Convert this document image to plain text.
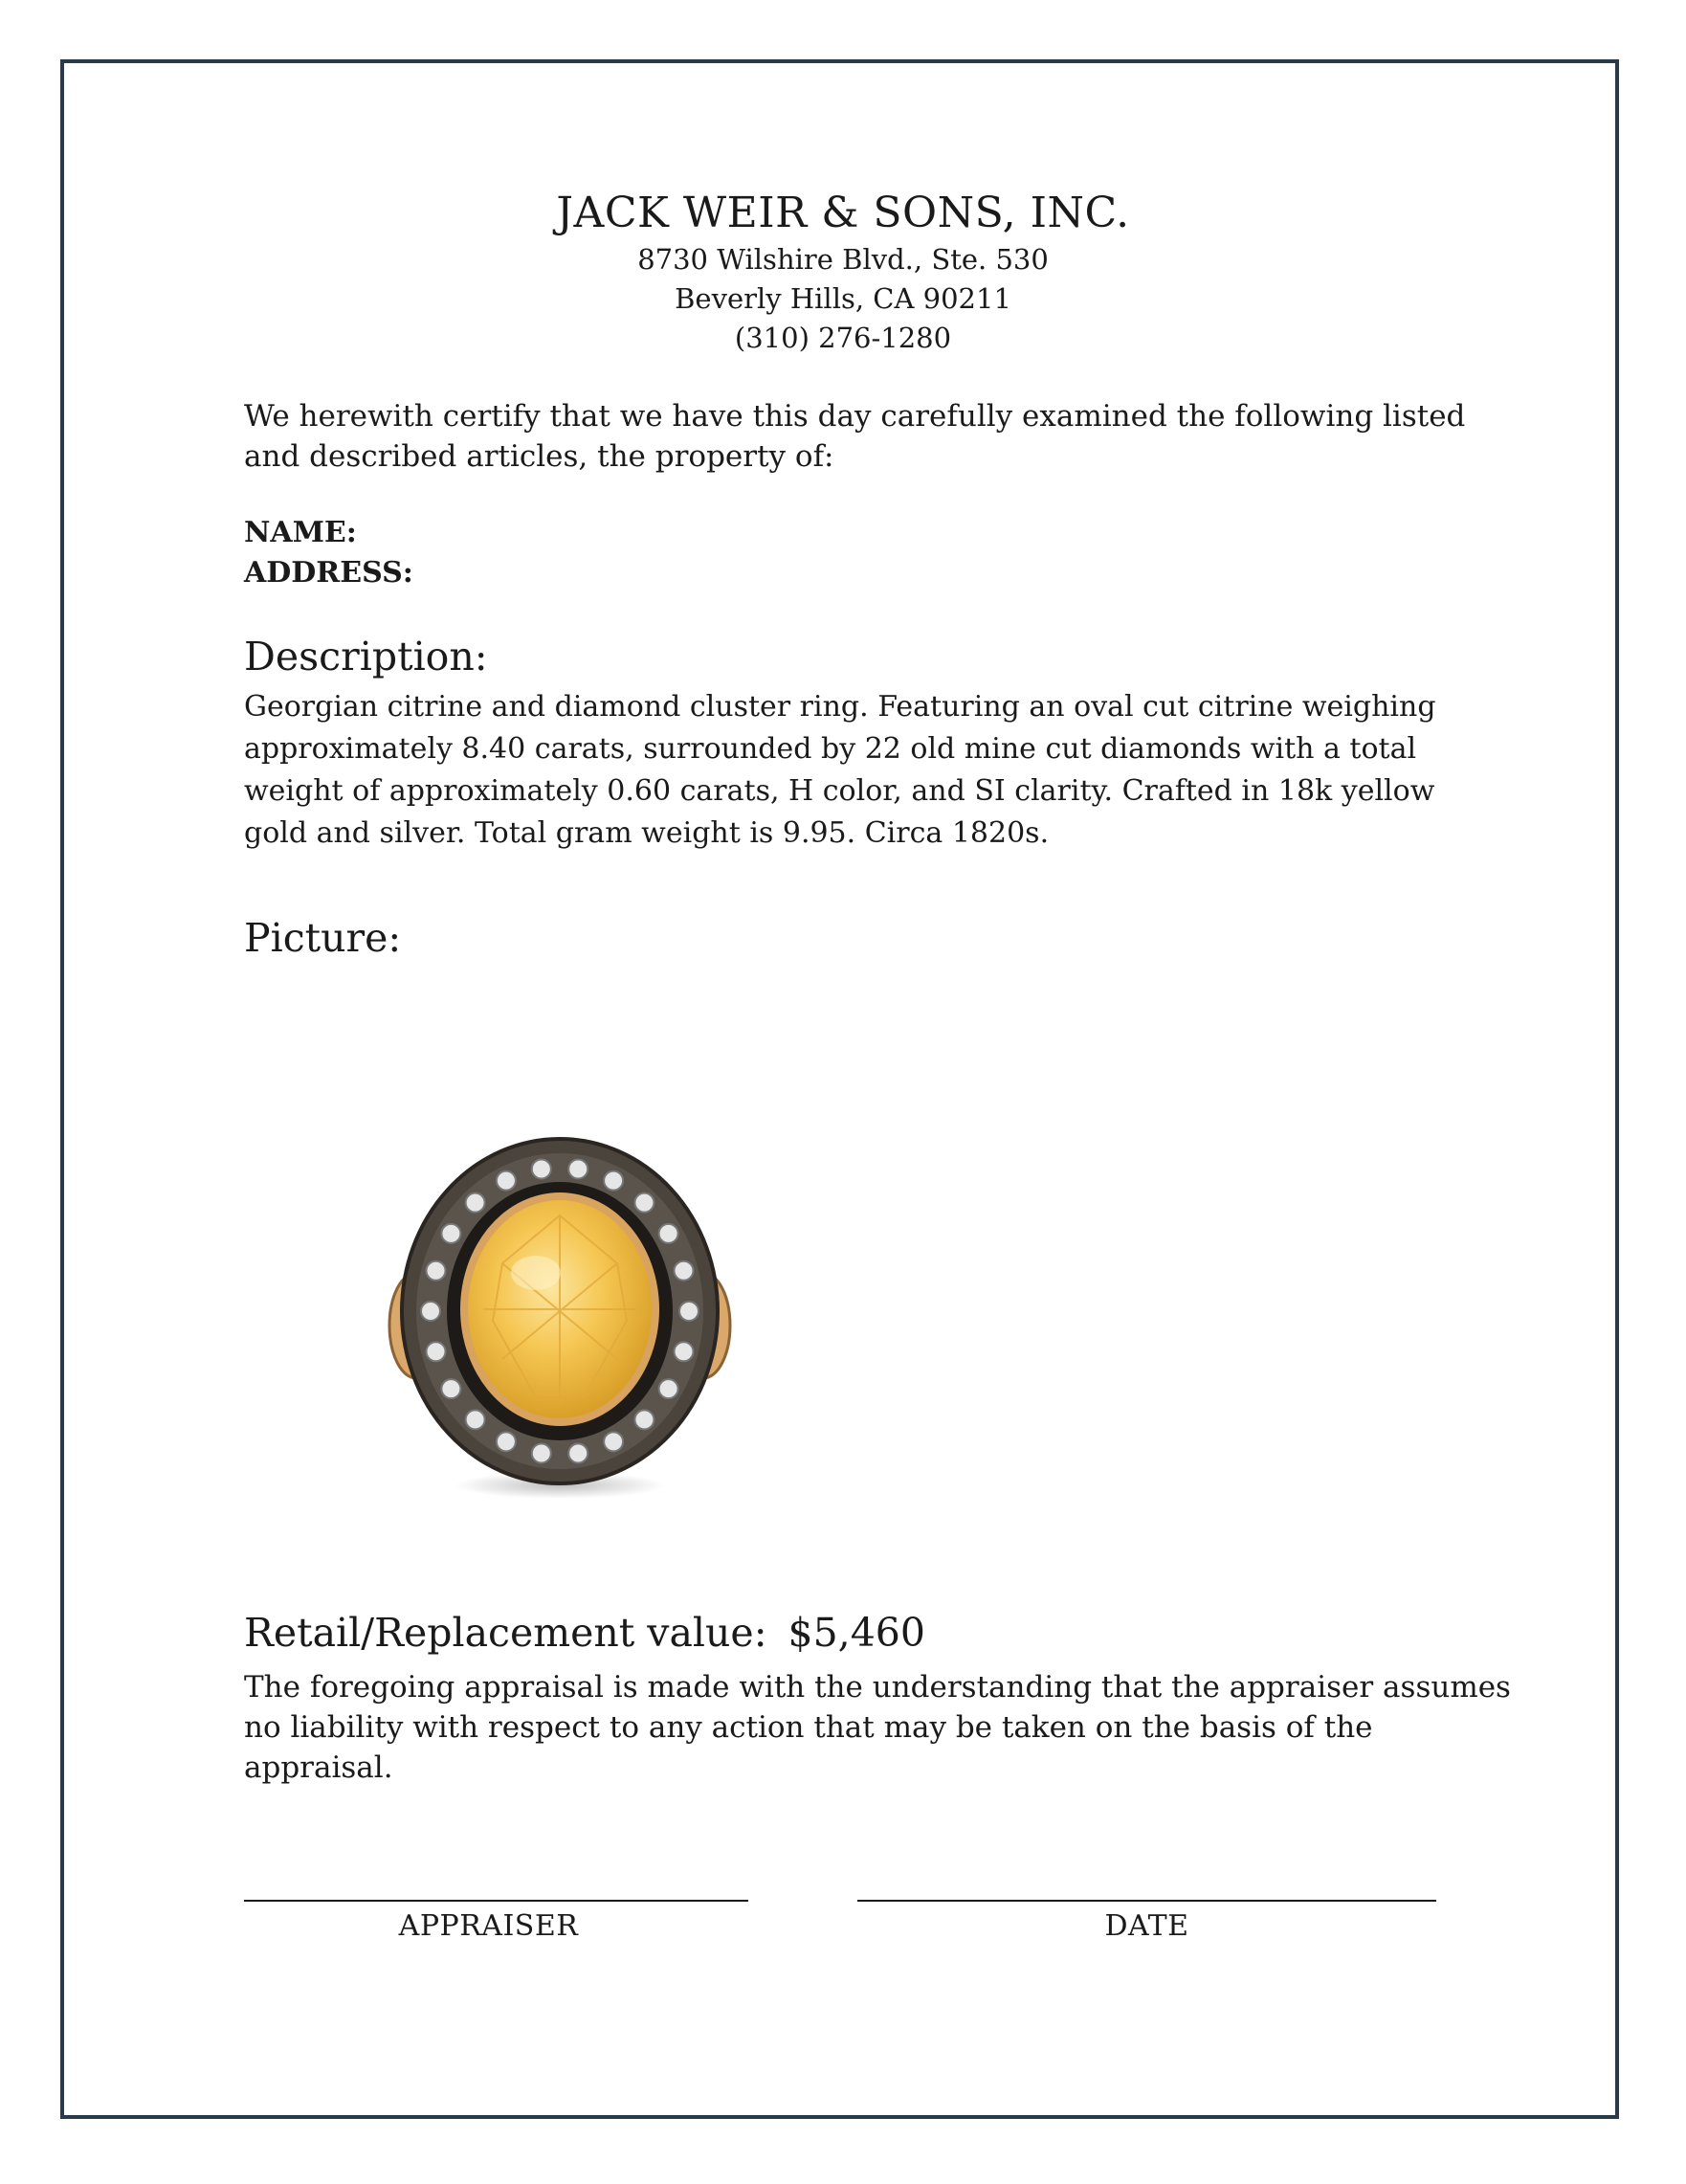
JACK WEIR & SONS, INC.
8730 Wilshire Blvd., Ste. 530
Beverly Hills, CA 90211
(310) 276-1280
We herewith certify that we have this day carefully examined the following listed and described articles, the property of:
NAME:
ADDRESS:
Description:
Georgian citrine and diamond cluster ring. Featuring an oval cut citrine weighing approximately 8.40 carats, surrounded by 22 old mine cut diamonds with a total weight of approximately 0.60 carats, H color, and SI clarity. Crafted in 18k yellow gold and silver. Total gram weight is 9.95. Circa 1820s.
Picture:
Retail/Replacement value: $5,460
The foregoing appraisal is made with the understanding that the appraiser assumes no liability with respect to any action that may be taken on the basis of the appraisal.
APPRAISER	DATE
